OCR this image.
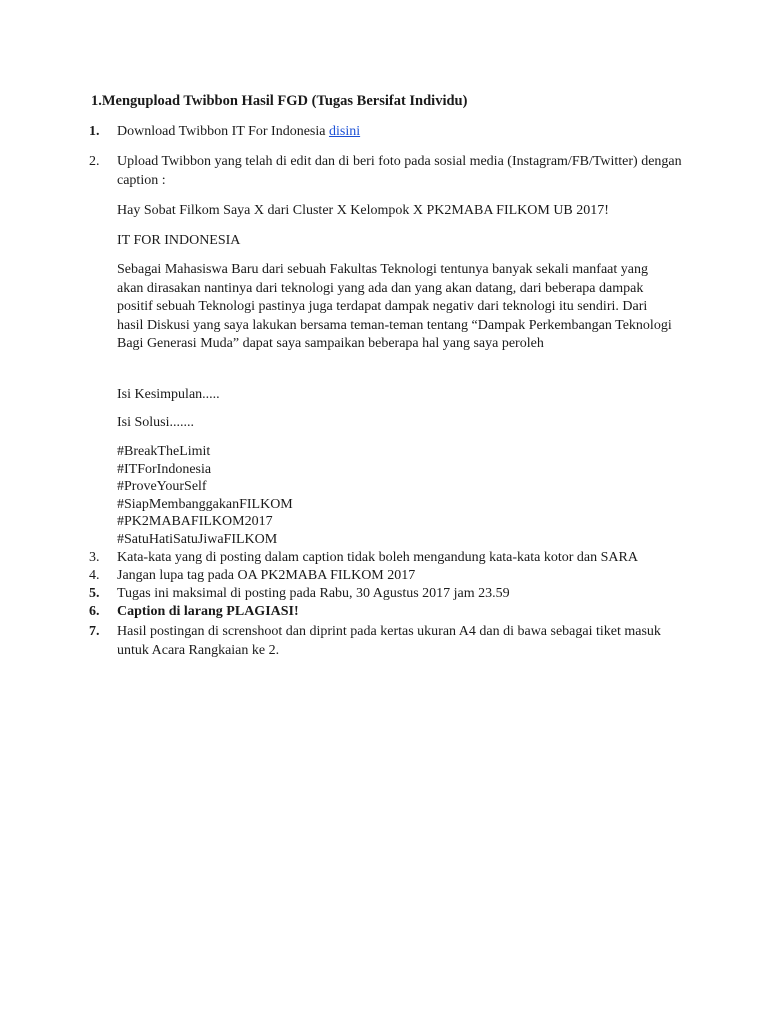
1.Mengupload Twibbon Hasil FGD (Tugas Bersifat Individu)
1.	Download Twibbon IT For Indonesia disini
2.	Upload Twibbon yang telah di edit dan di beri foto pada sosial media (Instagram/FB/Twitter) dengan caption :
Hay Sobat Filkom Saya X dari Cluster X Kelompok X PK2MABA FILKOM UB 2017!
IT FOR INDONESIA
Sebagai Mahasiswa Baru dari sebuah Fakultas Teknologi tentunya banyak sekali manfaat yang akan dirasakan nantinya dari teknologi yang ada dan yang akan datang, dari beberapa dampak positif sebuah Teknologi pastinya juga terdapat dampak negativ dari teknologi itu sendiri. Dari hasil Diskusi yang saya lakukan bersama teman-teman tentang “Dampak Perkembangan Teknologi Bagi Generasi Muda” dapat saya sampaikan beberapa hal yang saya peroleh
Isi Kesimpulan.....
Isi Solusi.......
#BreakTheLimit
#ITForIndonesia
#ProveYourSelf
#SiapMembanggakanFILKOM
#PK2MABAFILKOM2017
#SatuHatiSatuJiwaFILKOM
3.	Kata-kata yang di posting dalam caption tidak boleh mengandung kata-kata kotor dan SARA
4.	Jangan lupa tag pada OA PK2MABA FILKOM 2017
5.	Tugas ini maksimal di posting pada Rabu, 30 Agustus 2017 jam 23.59
6.	Caption di larang PLAGIASI!
7.	Hasil postingan di screnshoot dan diprint pada kertas ukuran A4 dan di bawa sebagai tiket masuk untuk Acara Rangkaian ke 2.
